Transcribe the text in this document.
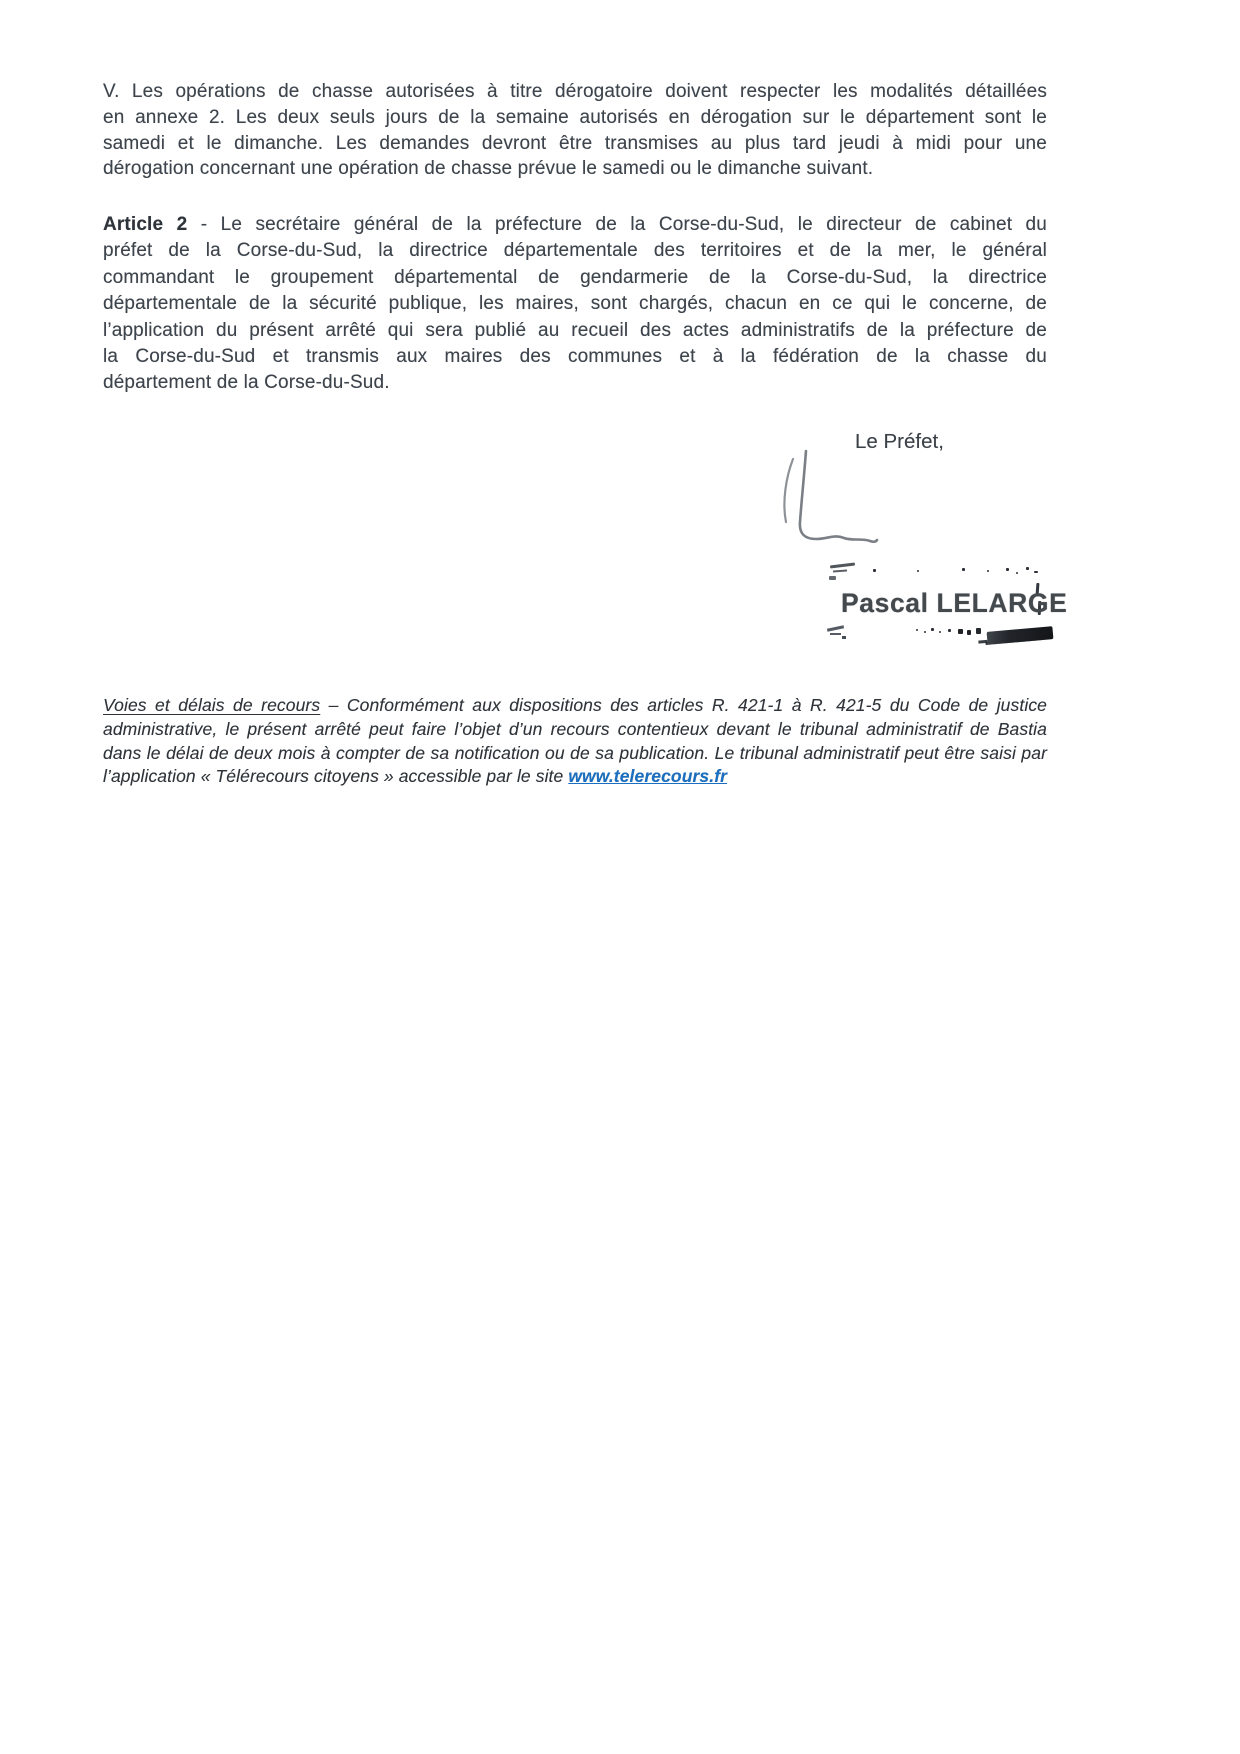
V. Les opérations de chasse autorisées à titre dérogatoire doivent respecter les modalités détaillées
en annexe 2. Les deux seuls jours de la semaine autorisés en dérogation sur le département sont le
samedi et le dimanche. Les demandes devront être transmises au plus tard jeudi à midi pour une
dérogation concernant une opération de chasse prévue le samedi ou le dimanche suivant.
Article 2 - Le secrétaire général de la préfecture de la Corse-du-Sud, le directeur de cabinet du
préfet de la Corse-du-Sud, la directrice départementale des territoires et de la mer, le général
commandant le groupement départemental de gendarmerie de la Corse-du-Sud, la directrice
départementale de la sécurité publique, les maires, sont chargés, chacun en ce qui le concerne, de
l’application du présent arrêté qui sera publié au recueil des actes administratifs de la préfecture de
la Corse-du-Sud et transmis aux maires des communes et à la fédération de la chasse du
département de la Corse-du-Sud.
Le Préfet,
Pascal LELARGE
Voies et délais de recours – Conformément aux dispositions des articles R. 421-1 à R. 421-5 du Code de justice
administrative, le présent arrêté peut faire l’objet d’un recours contentieux devant le tribunal administratif de Bastia
dans le délai de deux mois à compter de sa notification ou de sa publication. Le tribunal administratif peut être saisi par
l’application « Télérecours citoyens » accessible par le site www.telerecours.fr
